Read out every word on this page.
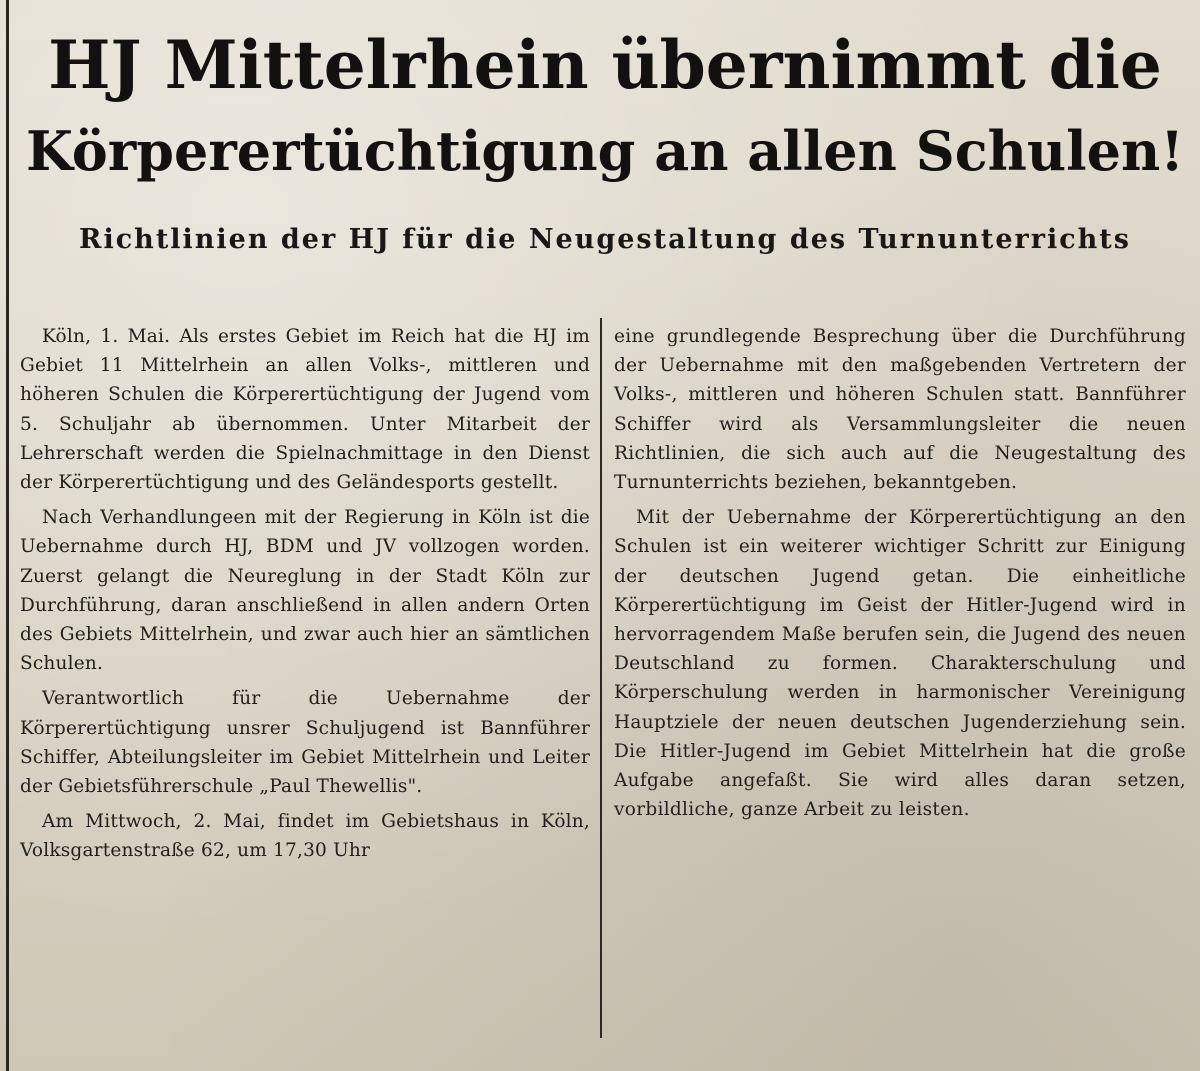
HJ Mittelrhein übernimmt die
Körperertüchtigung an allen Schulen!
Richtlinien der HJ für die Neugestaltung des Turnunterrichts

Köln, 1. Mai. Als erstes Gebiet im Reich hat die HJ im Gebiet 11 Mittelrhein an allen Volks-, mittleren und höheren Schulen die Körperertüchtigung der Jugend vom 5. Schuljahr ab übernommen. Unter Mitarbeit der Lehrerschaft werden die Spielnachmittage in den Dienst der Körperertüchtigung und des Geländesports gestellt.

Nach Verhandlungeen mit der Regierung in Köln ist die Uebernahme durch HJ, BDM und JV vollzogen worden. Zuerst gelangt die Neureglung in der Stadt Köln zur Durchführung, daran anschließend in allen andern Orten des Gebiets Mittelrhein, und zwar auch hier an sämtlichen Schulen.

Verantwortlich für die Uebernahme der Körperertüchtigung unsrer Schuljugend ist Bannführer Schiffer, Abteilungsleiter im Gebiet Mittelrhein und Leiter der Gebietsführerschule „Paul Thewellis".

Am Mittwoch, 2. Mai, findet im Gebietshaus in Köln, Volksgartenstraße 62, um 17,30 Uhr

eine grundlegende Besprechung über die Durchführung der Uebernahme mit den maßgebenden Vertretern der Volks-, mittleren und höheren Schulen statt. Bannführer Schiffer wird als Versammlungsleiter die neuen Richtlinien, die sich auch auf die Neugestaltung des Turnunterrichts beziehen, bekanntgeben.

Mit der Uebernahme der Körperertüchtigung an den Schulen ist ein weiterer wichtiger Schritt zur Einigung der deutschen Jugend getan. Die einheitliche Körperertüchtigung im Geist der Hitler-Jugend wird in hervorragendem Maße berufen sein, die Jugend des neuen Deutschland zu formen. Charakterschulung und Körperschulung werden in harmonischer Vereinigung Hauptziele der neuen deutschen Jugenderziehung sein. Die Hitler-Jugend im Gebiet Mittelrhein hat die große Aufgabe angefaßt. Sie wird alles daran setzen, vorbildliche, ganze Arbeit zu leisten.
